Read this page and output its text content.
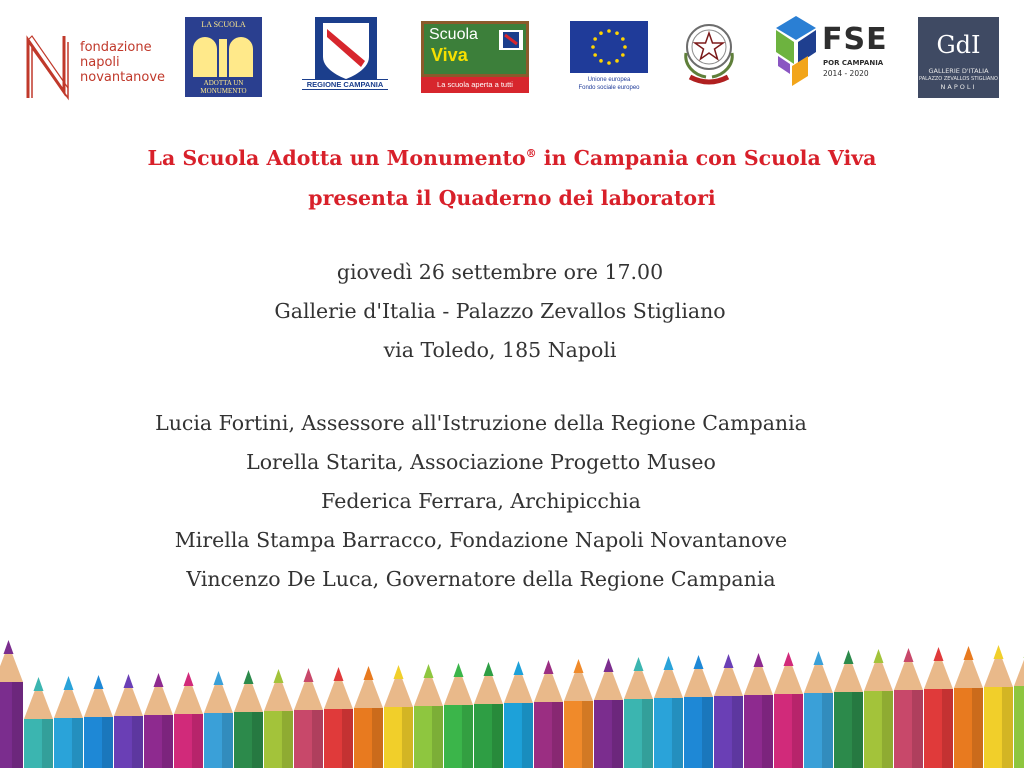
fondazione
napoli
novantanove
LA SCUOLA
ADOTTA UN MONUMENTO
REGIONE CAMPANIA
Scuola
Viva
La scuola aperta a tutti	Unione europea
Fondo sociale europeo
FSE
POR CAMPANIA
2014 - 2020
GdI
GALLERIE D'ITALIA
PALAZZO ZEVALLOS STIGLIANO
NAPOLI
La Scuola Adotta un Monumento® in Campania con Scuola Viva
presenta il Quaderno dei laboratori
giovedì 26 settembre ore 17.00
Gallerie d'Italia - Palazzo Zevallos Stigliano
via Toledo, 185 Napoli
Lucia Fortini, Assessore all'Istruzione della Regione Campania
Lorella Starita, Associazione Progetto Museo
Federica Ferrara, Archipicchia
Mirella Stampa Barracco, Fondazione Napoli Novantanove
Vincenzo De Luca, Governatore della Regione Campania
